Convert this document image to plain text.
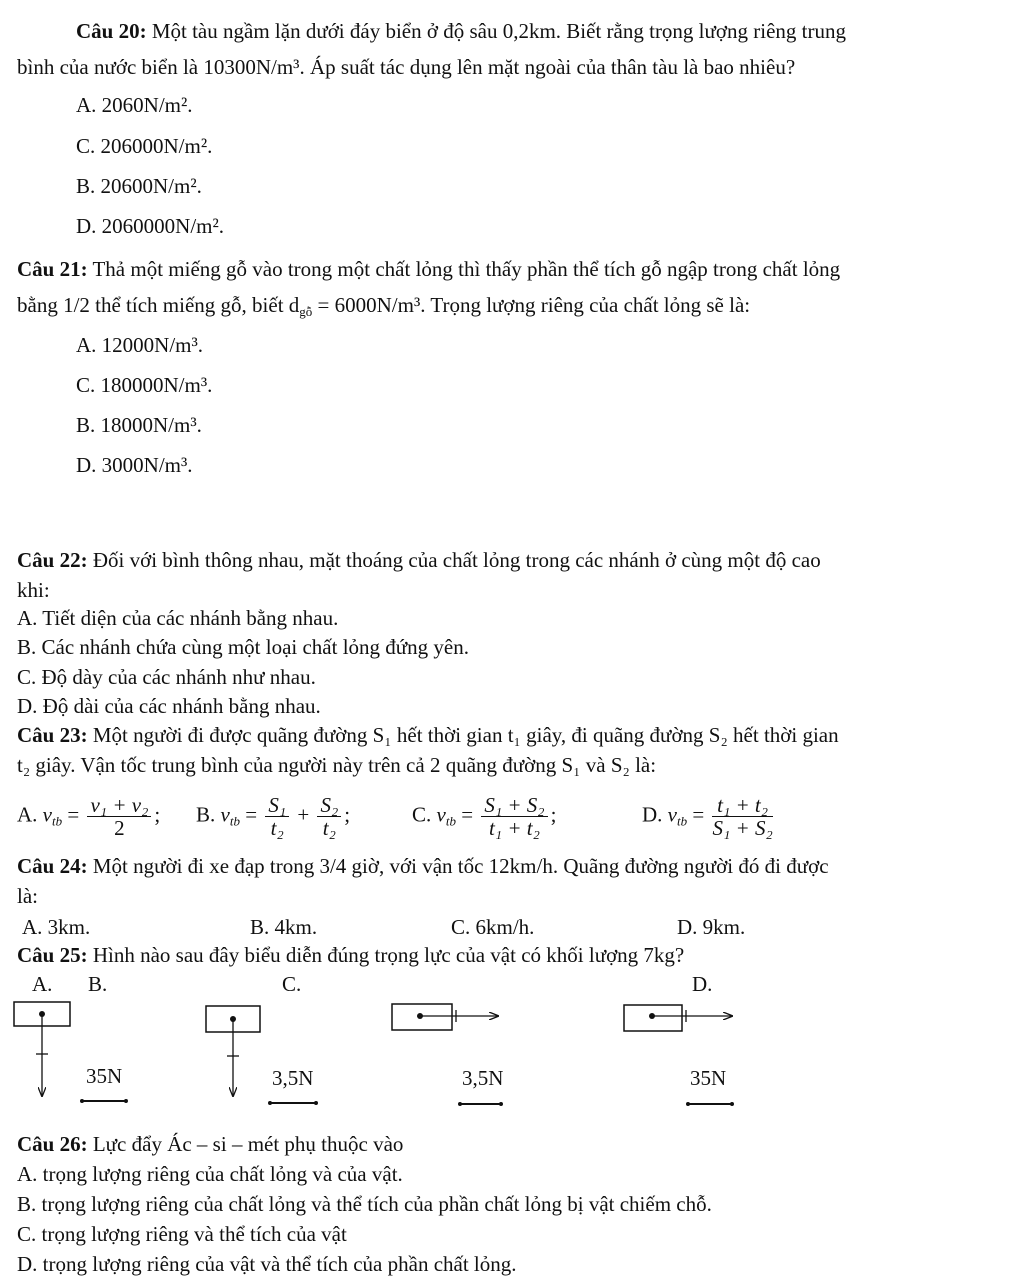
Câu 20: Một tàu ngầm lặn dưới đáy biển ở độ sâu 0,2km. Biết rằng trọng lượng riêng trung
bình của nước biển là 10300N/m³. Áp suất tác dụng lên mặt ngoài của thân tàu là bao nhiêu?
A. 2060N/m².
C. 206000N/m².
B. 20600N/m².
D. 2060000N/m².
Câu 21: Thả một miếng gỗ vào trong một chất lỏng thì thấy phần thể tích gỗ ngập trong chất lỏng
bằng 1/2 thể tích miếng gỗ, biết $d_{gỗ} = 6000N/m^3$. Trọng lượng riêng của chất lỏng sẽ là:
A. 12000N/m³.
C. 180000N/m³.
B. 18000N/m³.
D. 3000N/m³.
Câu 22: Đối với bình thông nhau, mặt thoáng của chất lỏng trong các nhánh ở cùng một độ cao
khi:
A. Tiết diện của các nhánh bằng nhau.
B. Các nhánh chứa cùng một loại chất lỏng đứng yên.
C. Độ dày của các nhánh như nhau.
D. Độ dài của các nhánh bằng nhau.
Câu 23: Một người đi được quãng đường S₁ hết thời gian t₁ giây, đi quãng đường S₂ hết thời gian
t₂ giây. Vận tốc trung bình của người này trên cả 2 quãng đường S₁ và S₂ là:
A. $v_{tb} = \frac{\text{v₁ + v₂}}{2}$ ; B. $v_{tb} = \frac{\text{S₁}}{\text{t₂}} + \frac{\text{S₂}}{\text{t₂}}$ ;	C. $v_{tb} = \frac{\text{S₁ + S₂}}{\text{t₁ + t₂}}$ ;	D. $v_{tb} = \frac{\text{t₁ + t₂}}{\text{S₁ + S₂}}$
Câu 24: Một người đi xe đạp trong 3/4 giờ, với vận tốc 12km/h. Quãng đường người đó đi được
là:
A. 3km.	B. 4km.	C. 6km/h.	D. 9km.
Câu 25: Hình nào sau đây biểu diễn đúng trọng lực của vật có khối lượng 7kg?
A. B.	C.	D.
35N	3,5N	3,5N	35N
Câu 26: Lực đẩy Ác – si – mét phụ thuộc vào
A. trọng lượng riêng của chất lỏng và của vật.
B. trọng lượng riêng của chất lỏng và thể tích của phần chất lỏng bị vật chiếm chỗ.
C. trọng lượng riêng và thể tích của vật
D. trọng lượng riêng của vật và thể tích của phần chất lỏng.
